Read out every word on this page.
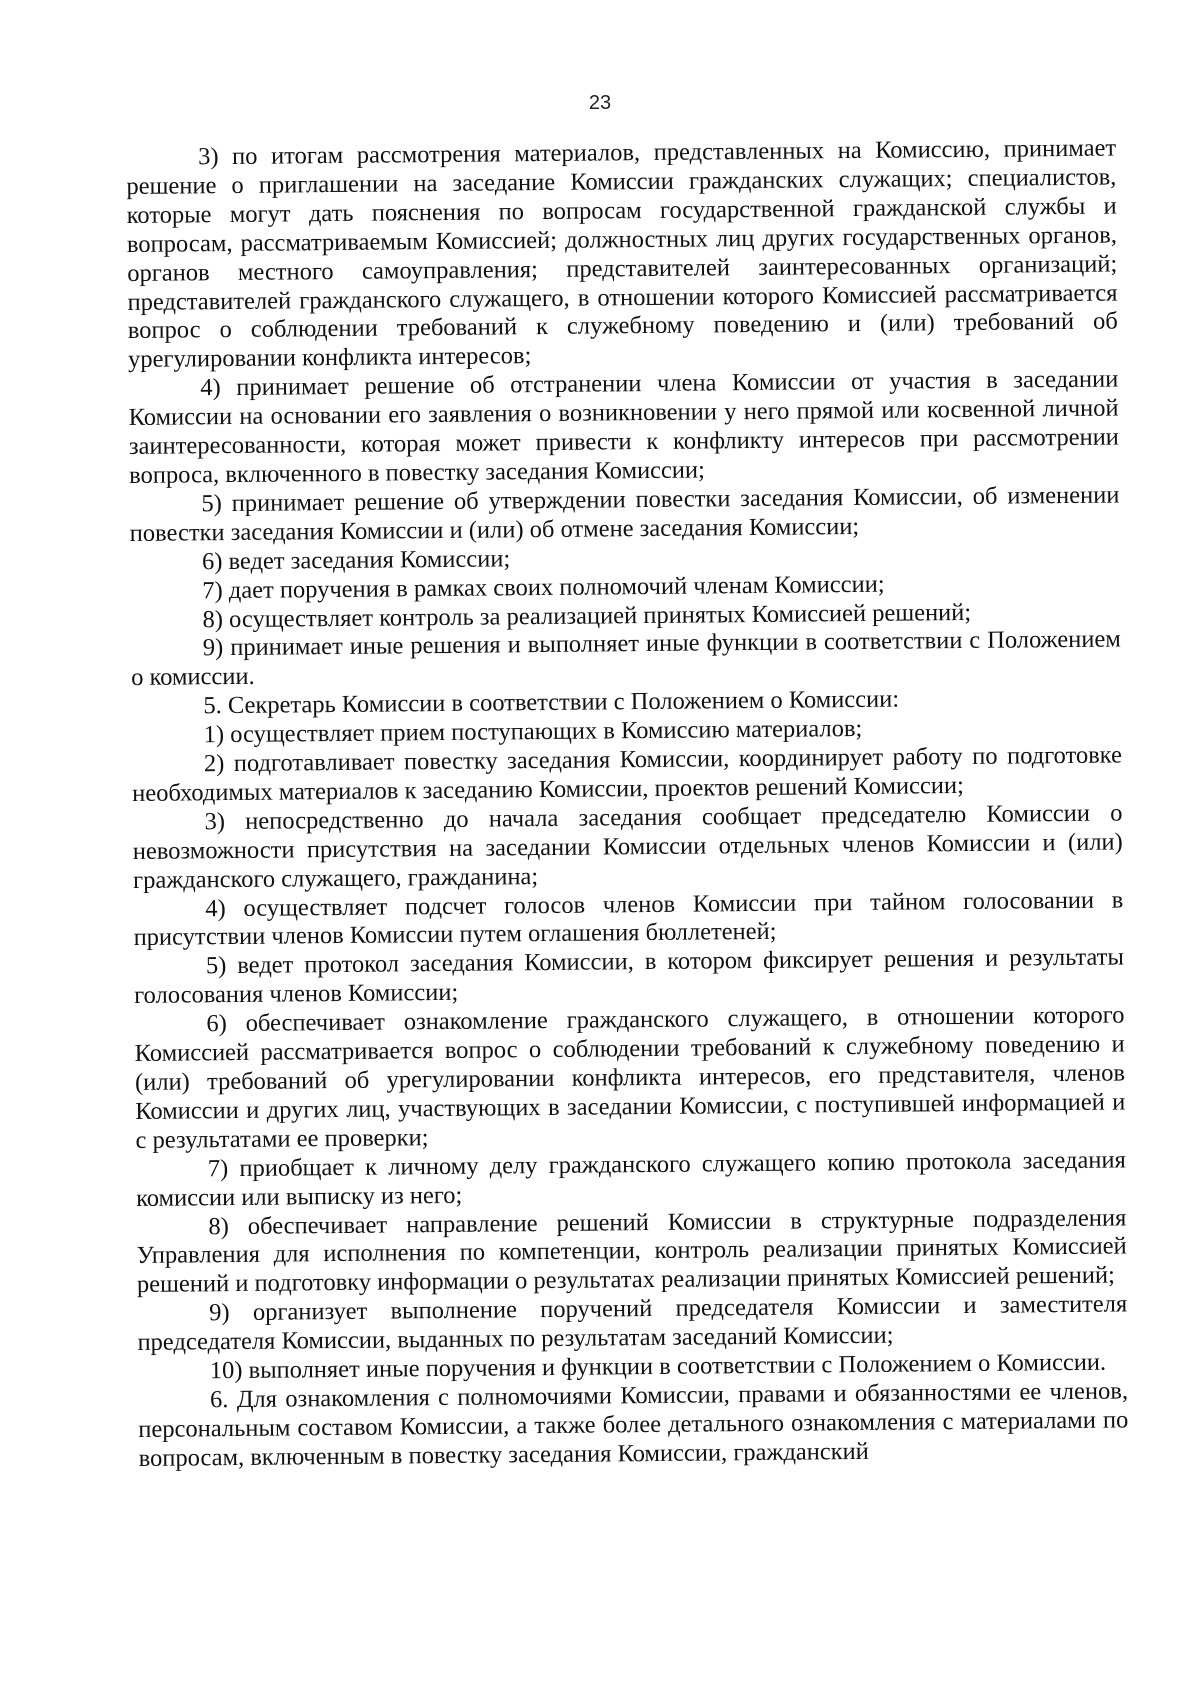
23

3) по итогам рассмотрения материалов, представленных на Комиссию, принимает решение о приглашении на заседание Комиссии гражданских служащих; специалистов, которые могут дать пояснения по вопросам государственной гражданской службы и вопросам, рассматриваемым Комиссией; должностных лиц других государственных органов, органов местного самоуправления; представителей заинтересованных организаций; представителей гражданского служащего, в отношении которого Комиссией рассматривается вопрос о соблюдении требований к служебному поведению и (или) требований об урегулировании конфликта интересов;

4) принимает решение об отстранении члена Комиссии от участия в заседании Комиссии на основании его заявления о возникновении у него прямой или косвенной личной заинтересованности, которая может привести к конфликту интересов при рассмотрении вопроса, включенного в повестку заседания Комиссии;

5) принимает решение об утверждении повестки заседания Комиссии, об изменении повестки заседания Комиссии и (или) об отмене заседания Комиссии;

6) ведет заседания Комиссии;

7) дает поручения в рамках своих полномочий членам Комиссии;

8) осуществляет контроль за реализацией принятых Комиссией решений;

9) принимает иные решения и выполняет иные функции в соответствии с Положением о комиссии.

5. Секретарь Комиссии в соответствии с Положением о Комиссии:

1) осуществляет прием поступающих в Комиссию материалов;

2) подготавливает повестку заседания Комиссии, координирует работу по подготовке необходимых материалов к заседанию Комиссии, проектов решений Комиссии;

3) непосредственно до начала заседания сообщает председателю Комиссии о невозможности присутствия на заседании Комиссии отдельных членов Комиссии и (или) гражданского служащего, гражданина;

4) осуществляет подсчет голосов членов Комиссии при тайном голосовании в присутствии членов Комиссии путем оглашения бюллетеней;

5) ведет протокол заседания Комиссии, в котором фиксирует решения и результаты голосования членов Комиссии;

6) обеспечивает ознакомление гражданского служащего, в отношении которого Комиссией рассматривается вопрос о соблюдении требований к служебному поведению и (или) требований об урегулировании конфликта интересов, его представителя, членов Комиссии и других лиц, участвующих в заседании Комиссии, с поступившей информацией и с результатами ее проверки;

7) приобщает к личному делу гражданского служащего копию протокола заседания комиссии или выписку из него;

8) обеспечивает направление решений Комиссии в структурные подразделения Управления для исполнения по компетенции, контроль реализации принятых Комиссией решений и подготовку информации о результатах реализации принятых Комиссией решений;

9) организует выполнение поручений председателя Комиссии и заместителя председателя Комиссии, выданных по результатам заседаний Комиссии;

10) выполняет иные поручения и функции в соответствии с Положением о Комиссии.

6. Для ознакомления с полномочиями Комиссии, правами и обязанностями ее членов, персональным составом Комиссии, а также более детального ознакомления с материалами по вопросам, включенным в повестку заседания Комиссии, гражданский
